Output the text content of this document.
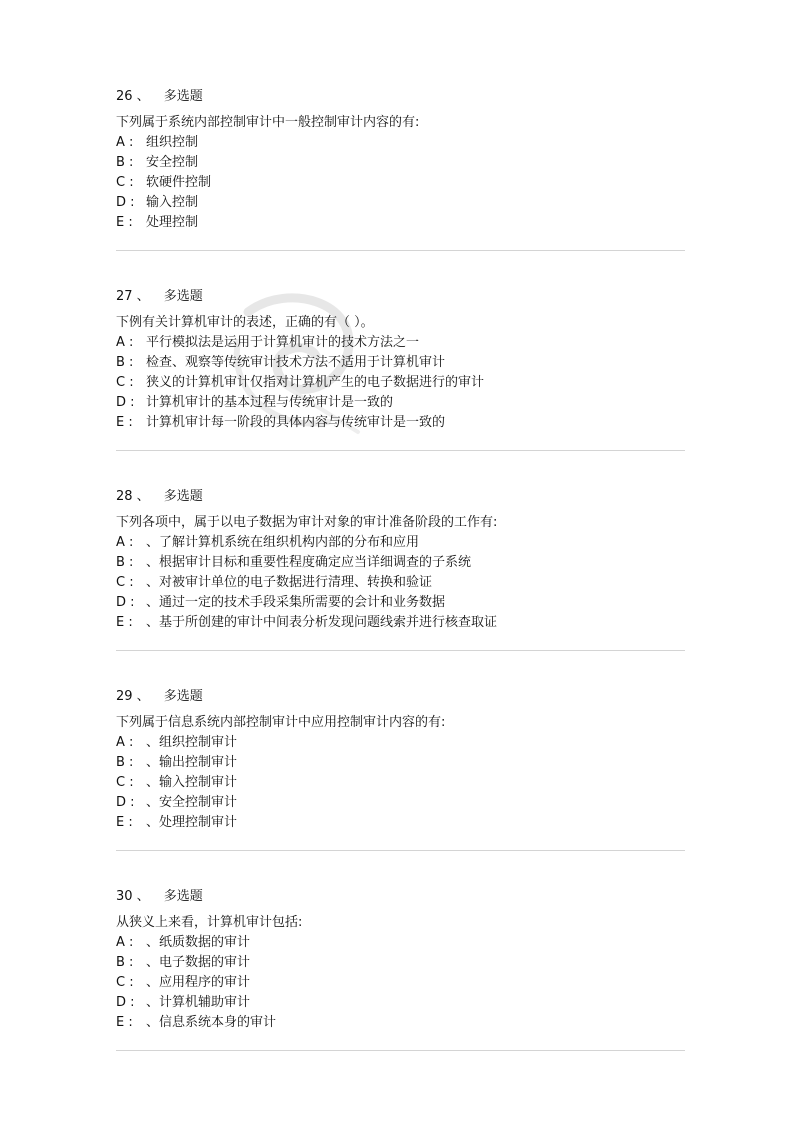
26 、 多选题
下列属于系统内部控制审计中一般控制审计内容的有:
A : 组织控制
B : 安全控制
C : 软硬件控制
D : 输入控制
E : 处理控制
27 、 多选题
下例有关计算机审计的表述，正确的有（ ）。
A : 平行模拟法是运用于计算机审计的技术方法之一
B : 检查、观察等传统审计技术方法不适用于计算机审计
C : 狭义的计算机审计仅指对计算机产生的电子数据进行的审计
D : 计算机审计的基本过程与传统审计是一致的
E : 计算机审计每一阶段的具体内容与传统审计是一致的
28 、 多选题
下列各项中，属于以电子数据为审计对象的审计准备阶段的工作有:
A : 、了解计算机系统在组织机构内部的分布和应用
B : 、根据审计目标和重要性程度确定应当详细调查的子系统
C : 、对被审计单位的电子数据进行清理、转换和验证
D : 、通过一定的技术手段采集所需要的会计和业务数据
E : 、基于所创建的审计中间表分析发现问题线索并进行核查取证
29 、 多选题
下列属于信息系统内部控制审计中应用控制审计内容的有:
A : 、组织控制审计
B : 、输出控制审计
C : 、输入控制审计
D : 、安全控制审计
E : 、处理控制审计
30 、 多选题
从狭义上来看，计算机审计包括:
A : 、纸质数据的审计
B : 、电子数据的审计
C : 、应用程序的审计
D : 、计算机辅助审计
E : 、信息系统本身的审计
